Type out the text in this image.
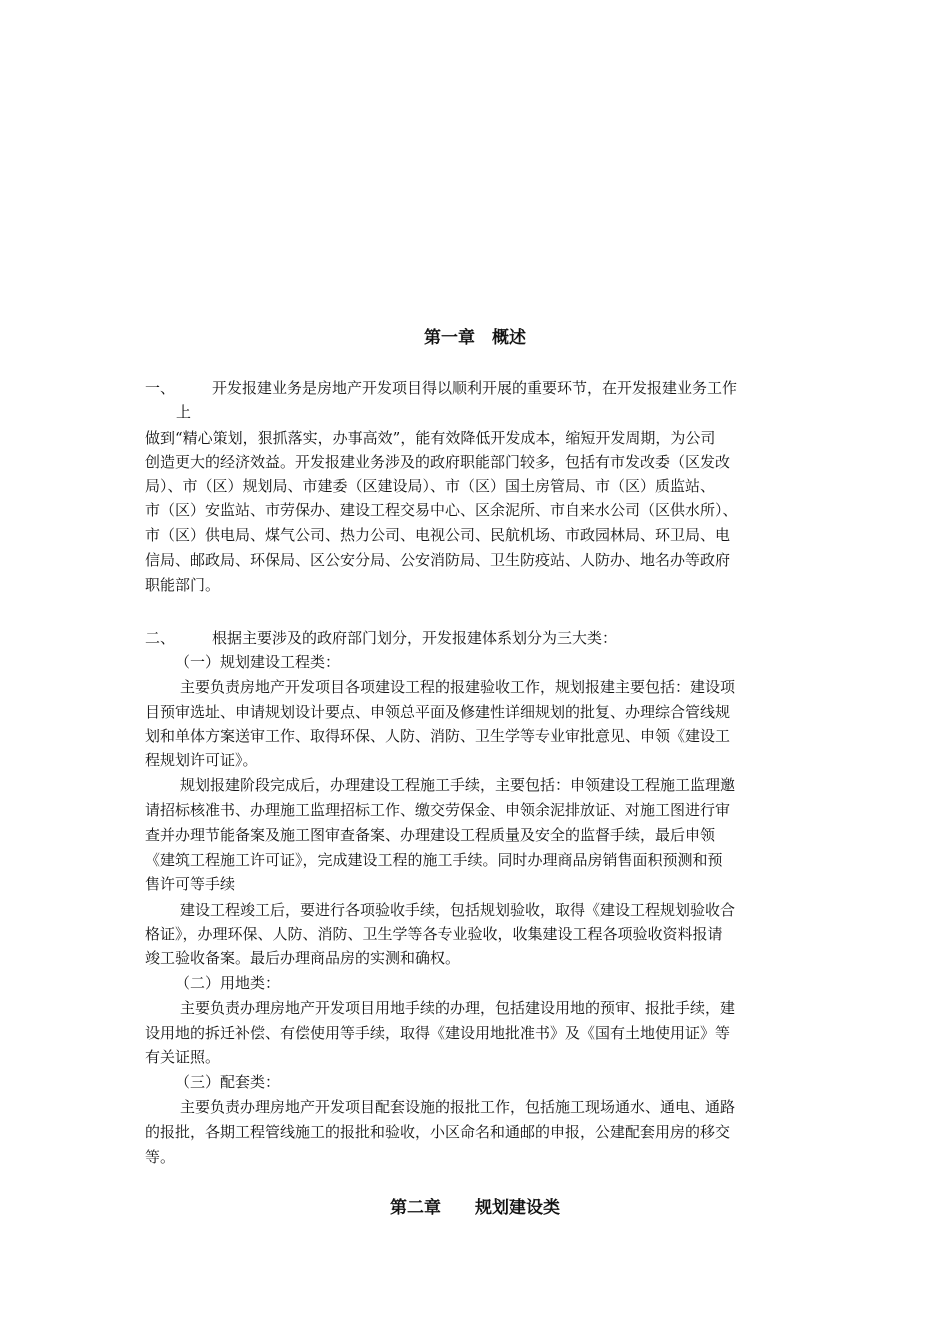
第一章　概述
一、 开发报建业务是房地产开发项目得以顺利开展的重要环节，在开发报建业务工作
上
做到“精心策划，狠抓落实，办事高效”，能有效降低开发成本，缩短开发周期，为公司
创造更大的经济效益。开发报建业务涉及的政府职能部门较多，包括有市发改委（区发改
局）、市（区）规划局、市建委（区建设局）、市（区）国土房管局、市（区）质监站、
市（区）安监站、市劳保办、建设工程交易中心、区余泥所、市自来水公司（区供水所）、
市（区）供电局、煤气公司、热力公司、电视公司、民航机场、市政园林局、环卫局、电
信局、邮政局、环保局、区公安分局、公安消防局、卫生防疫站、人防办、地名办等政府
职能部门。
二、 根据主要涉及的政府部门划分，开发报建体系划分为三大类：
（一）规划建设工程类：
主要负责房地产开发项目各项建设工程的报建验收工作，规划报建主要包括：建设项
目预审选址、申请规划设计要点、申领总平面及修建性详细规划的批复、办理综合管线规
划和单体方案送审工作、取得环保、人防、消防、卫生学等专业审批意见、申领《建设工
程规划许可证》。
规划报建阶段完成后，办理建设工程施工手续，主要包括：申领建设工程施工监理邀
请招标核准书、办理施工监理招标工作、缴交劳保金、申领余泥排放证、对施工图进行审
查并办理节能备案及施工图审查备案、办理建设工程质量及安全的监督手续，最后申领
《建筑工程施工许可证》，完成建设工程的施工手续。同时办理商品房销售面积预测和预
售许可等手续
建设工程竣工后，要进行各项验收手续，包括规划验收，取得《建设工程规划验收合
格证》，办理环保、人防、消防、卫生学等各专业验收，收集建设工程各项验收资料报请
竣工验收备案。最后办理商品房的实测和确权。
（二）用地类：
主要负责办理房地产开发项目用地手续的办理，包括建设用地的预审、报批手续，建
设用地的拆迁补偿、有偿使用等手续，取得《建设用地批准书》及《国有土地使用证》等
有关证照。
（三）配套类：
主要负责办理房地产开发项目配套设施的报批工作，包括施工现场通水、通电、通路
的报批，各期工程管线施工的报批和验收，小区命名和通邮的申报，公建配套用房的移交
等。
第二章　　规划建设类
